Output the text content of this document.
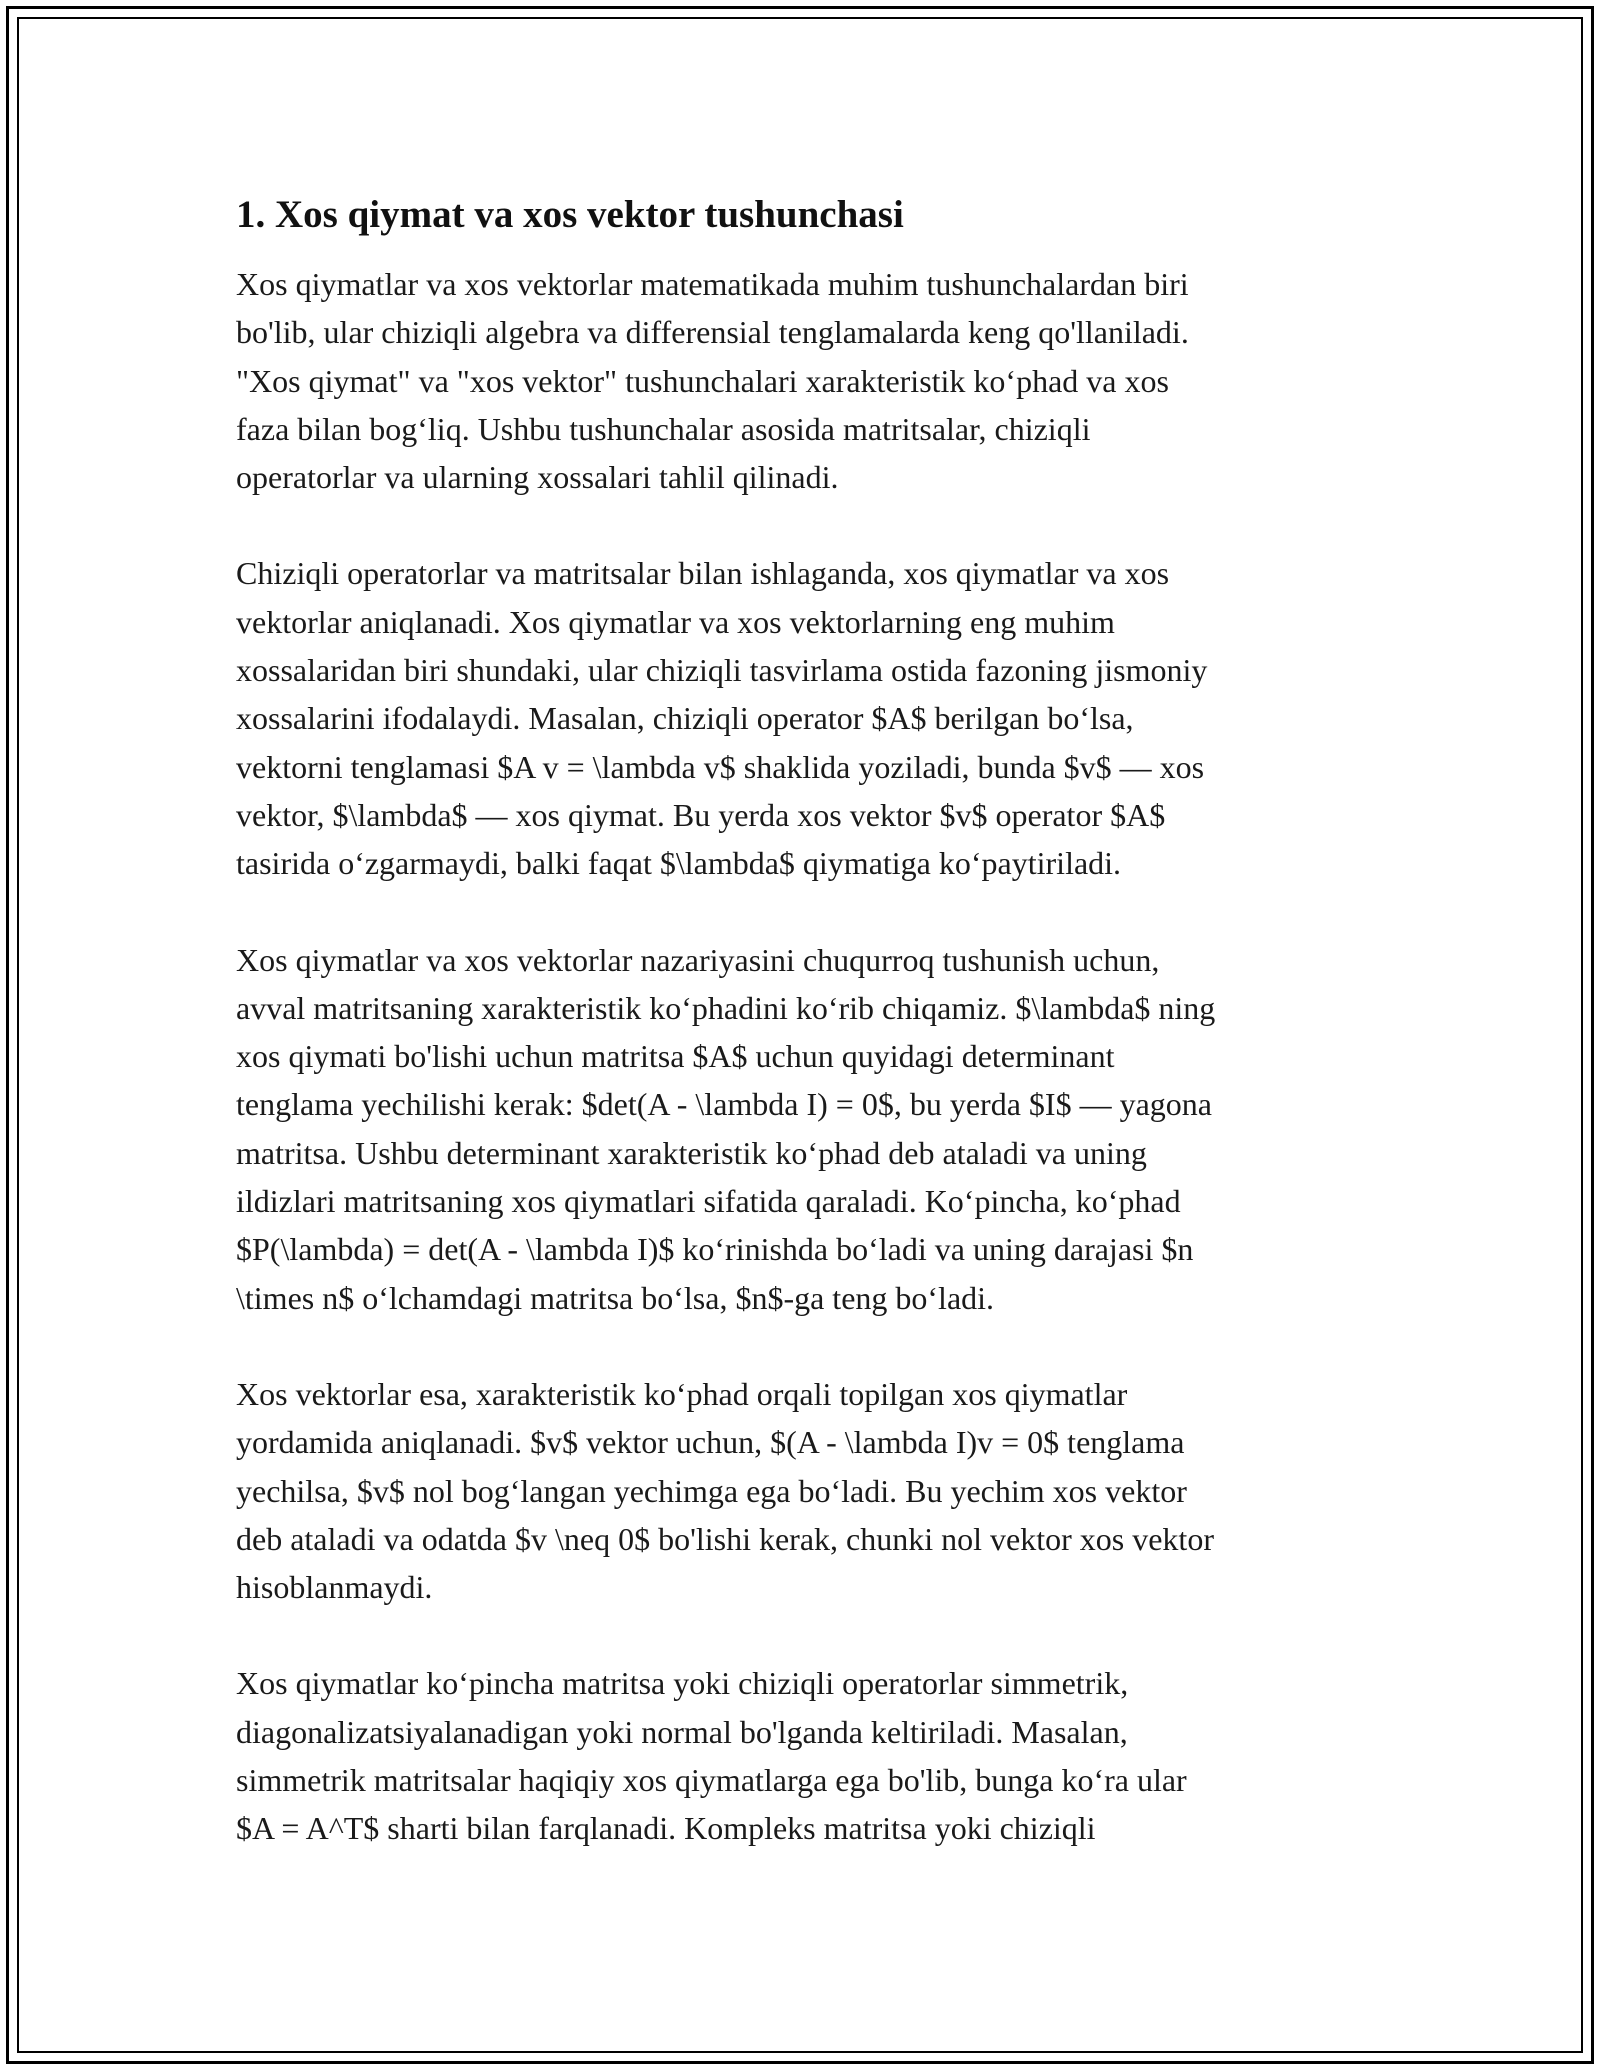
1. Xos qiymat va xos vektor tushunchasi

Xos qiymatlar va xos vektorlar matematikada muhim tushunchalardan biri
bo'lib, ular chiziqli algebra va differensial tenglamalarda keng qo'llaniladi.
"Xos qiymat" va "xos vektor" tushunchalari xarakteristik ko‘phad va xos
faza bilan bog‘liq. Ushbu tushunchalar asosida matritsalar, chiziqli
operatorlar va ularning xossalari tahlil qilinadi.

Chiziqli operatorlar va matritsalar bilan ishlaganda, xos qiymatlar va xos
vektorlar aniqlanadi. Xos qiymatlar va xos vektorlarning eng muhim
xossalaridan biri shundaki, ular chiziqli tasvirlama ostida fazoning jismoniy
xossalarini ifodalaydi. Masalan, chiziqli operator $A$ berilgan bo‘lsa,
vektorni tenglamasi $A v = \lambda v$ shaklida yoziladi, bunda $v$ — xos
vektor, $\lambda$ — xos qiymat. Bu yerda xos vektor $v$ operator $A$
tasirida o‘zgarmaydi, balki faqat $\lambda$ qiymatiga ko‘paytiriladi.

Xos qiymatlar va xos vektorlar nazariyasini chuqurroq tushunish uchun,
avval matritsaning xarakteristik ko‘phadini ko‘rib chiqamiz. $\lambda$ ning
xos qiymati bo'lishi uchun matritsa $A$ uchun quyidagi determinant
tenglama yechilishi kerak: $det(A - \lambda I) = 0$, bu yerda $I$ — yagona
matritsa. Ushbu determinant xarakteristik ko‘phad deb ataladi va uning
ildizlari matritsaning xos qiymatlari sifatida qaraladi. Ko‘pincha, ko‘phad
$P(\lambda) = det(A - \lambda I)$ ko‘rinishda bo‘ladi va uning darajasi $n
\times n$ o‘lchamdagi matritsa bo‘lsa, $n$-ga teng bo‘ladi.

Xos vektorlar esa, xarakteristik ko‘phad orqali topilgan xos qiymatlar
yordamida aniqlanadi. $v$ vektor uchun, $(A - \lambda I)v = 0$ tenglama
yechilsa, $v$ nol bog‘langan yechimga ega bo‘ladi. Bu yechim xos vektor
deb ataladi va odatda $v \neq 0$ bo'lishi kerak, chunki nol vektor xos vektor
hisoblanmaydi.

Xos qiymatlar ko‘pincha matritsa yoki chiziqli operatorlar simmetrik,
diagonalizatsiyalanadigan yoki normal bo'lganda keltiriladi. Masalan,
simmetrik matritsalar haqiqiy xos qiymatlarga ega bo'lib, bunga ko‘ra ular
$A = A^T$ sharti bilan farqlanadi. Kompleks matritsa yoki chiziqli
